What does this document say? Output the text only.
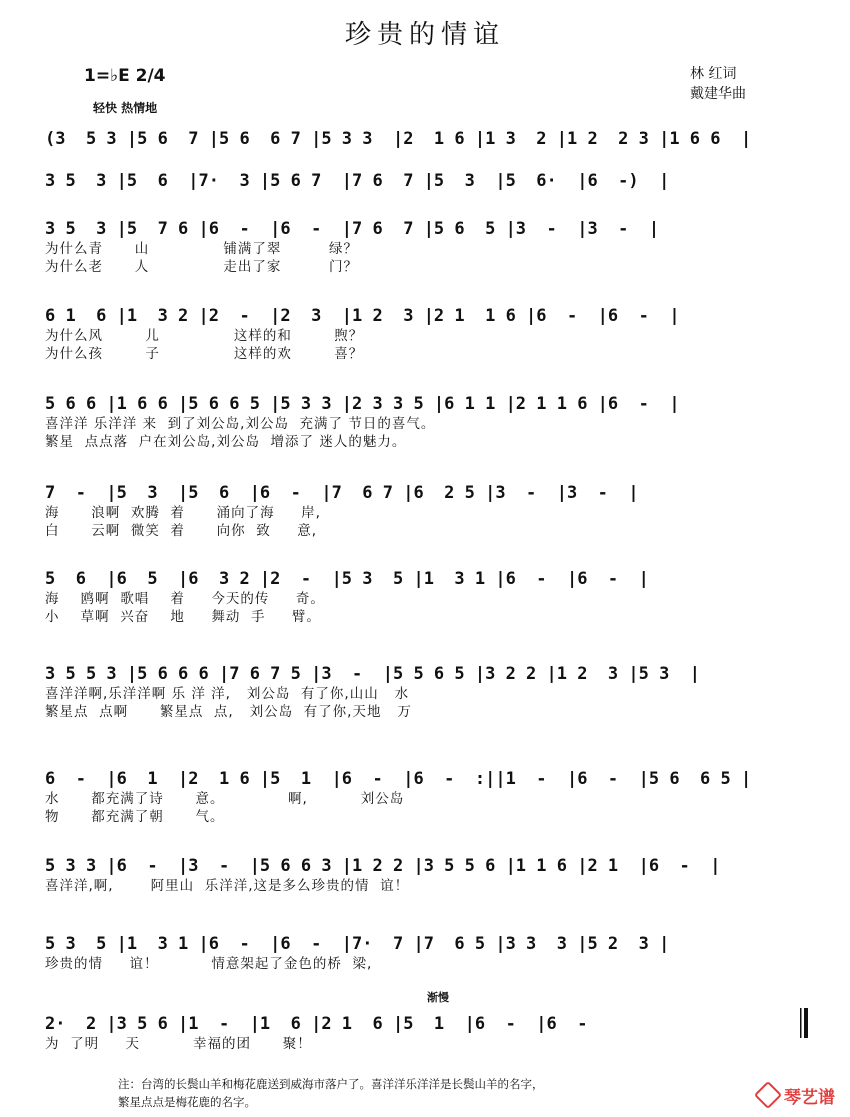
珍贵的情谊
1=♭E 2/4
轻快 热情地
林 红词
戴建华曲
(3  5 3 |5 6  7 |5 6  6 7 |5 3 3  |2  1 6 |1 3  2 |1 2  2 3 |1 6 6  |
3 5  3 |5  6  |7·  3 |5 6 7  |7 6  7 |5  3  |5  6·  |6  -)  |
3 5  3 |5  7 6 |6  -  |6  -  |7 6  7 |5 6  5 |3  -  |3  -  |
为什么青      山              铺满了翠         绿？
为什么老      人              走出了家         门？
6 1  6 |1  3 2 |2  -  |2  3  |1 2  3 |2 1  1 6 |6  -  |6  -  |
为什么风        儿              这样的和        煦？
为什么孩        子              这样的欢        喜？
5 6 6 |1 6 6 |5 6 6 5 |5 3 3 |2 3 3 5 |6 1 1 |2 1 1 6 |6  -  |
喜洋洋 乐洋洋 来  到了刘公岛,刘公岛  充满了 节日的喜气。
繁星  点点落  户在刘公岛,刘公岛  增添了 迷人的魅力。
7  -  |5  3  |5  6  |6  -  |7  6 7 |6  2 5 |3  -  |3  -  |
海      浪啊  欢腾  着      涌向了海     岸,
白      云啊  微笑  着      向你  致     意,
5  6  |6  5  |6  3 2 |2  -  |5 3  5 |1  3 1 |6  -  |6  -  |
海    鸥啊  歌唱    着     今天的传     奇。
小    草啊  兴奋    地     舞动  手     臂。
3 5 5 3 |5 6 6 6 |7 6 7 5 |3  -  |5 5 6 5 |3 2 2 |1 2  3 |5 3  |
喜洋洋啊,乐洋洋啊 乐 洋 洋,   刘公岛  有了你,山山   水
繁星点  点啊      繁星点  点,   刘公岛  有了你,天地   万
6  -  |6  1  |2  1 6 |5  1  |6  -  |6  -  :||1  -  |6  -  |5 6  6 5 |
水      都充满了诗      意。            啊,          刘公岛
物      都充满了朝      气。
5 3 3 |6  -  |3  -  |5 6 6 3 |1 2 2 |3 5 5 6 |1 1 6 |2 1  |6  -  |
喜洋洋,啊,       阿里山  乐洋洋,这是多么珍贵的情  谊！
5 3  5 |1  3 1 |6  -  |6  -  |7·  7 |7  6 5 |3 3  3 |5 2  3 |
珍贵的情     谊！          情意架起了金色的桥  梁,
2·  2 |3 5 6 |1  -  |1  6 |2 1  6 |5  1  |6  -  |6  -
为  了明     天          幸福的团      聚！
渐慢
注：台湾的长鬓山羊和梅花鹿送到威海市落户了。喜洋洋乐洋洋是长鬓山羊的名字，
繁星点点是梅花鹿的名字。	琴艺谱
